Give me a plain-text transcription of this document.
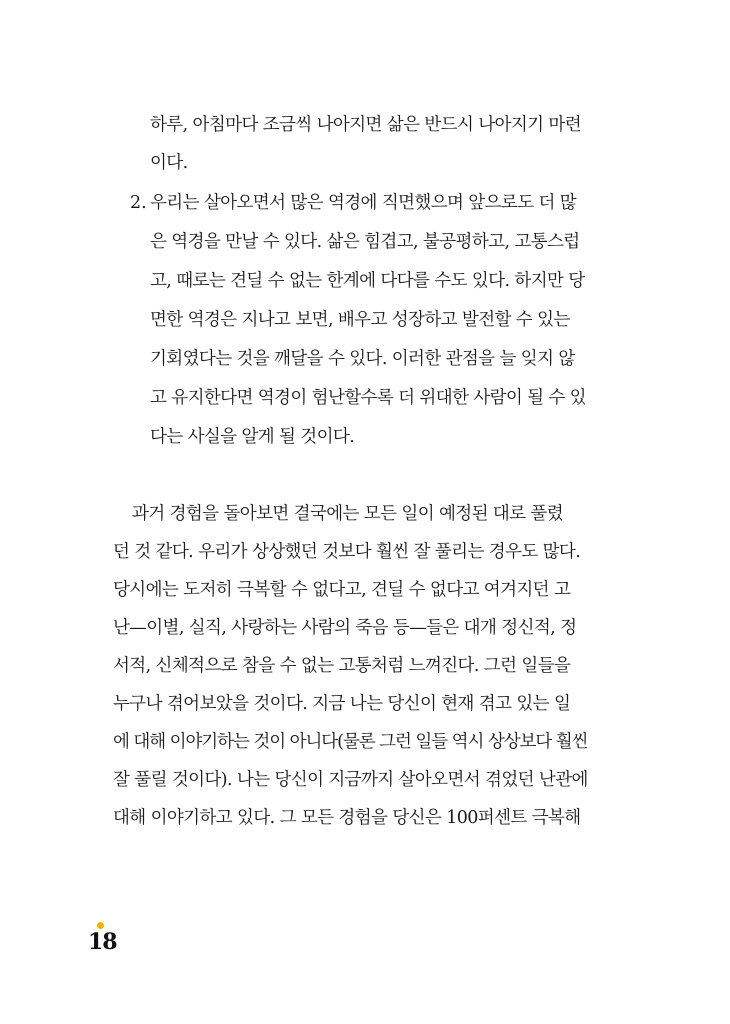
하루, 아침마다 조금씩 나아지면 삶은 반드시 나아지기 마련
이다.
2. 우리는 살아오면서 많은 역경에 직면했으며 앞으로도 더 많
은 역경을 만날 수 있다. 삶은 힘겹고, 불공평하고, 고통스럽
고, 때로는 견딜 수 없는 한계에 다다를 수도 있다. 하지만 당
면한 역경은 지나고 보면, 배우고 성장하고 발전할 수 있는
기회였다는 것을 깨달을 수 있다. 이러한 관점을 늘 잊지 않
고 유지한다면 역경이 험난할수록 더 위대한 사람이 될 수 있
다는 사실을 알게 될 것이다.
과거 경험을 돌아보면 결국에는 모든 일이 예정된 대로 풀렸
던 것 같다. 우리가 상상했던 것보다 훨씬 잘 풀리는 경우도 많다.
당시에는 도저히 극복할 수 없다고, 견딜 수 없다고 여겨지던 고
난—이별, 실직, 사랑하는 사람의 죽음 등—들은 대개 정신적, 정
서적, 신체적으로 참을 수 없는 고통처럼 느껴진다. 그런 일들을
누구나 겪어보았을 것이다. 지금 나는 당신이 현재 겪고 있는 일
에 대해 이야기하는 것이 아니다(물론 그런 일들 역시 상상보다 훨씬
잘 풀릴 것이다). 나는 당신이 지금까지 살아오면서 겪었던 난관에
대해 이야기하고 있다. 그 모든 경험을 당신은 100퍼센트 극복해
18
